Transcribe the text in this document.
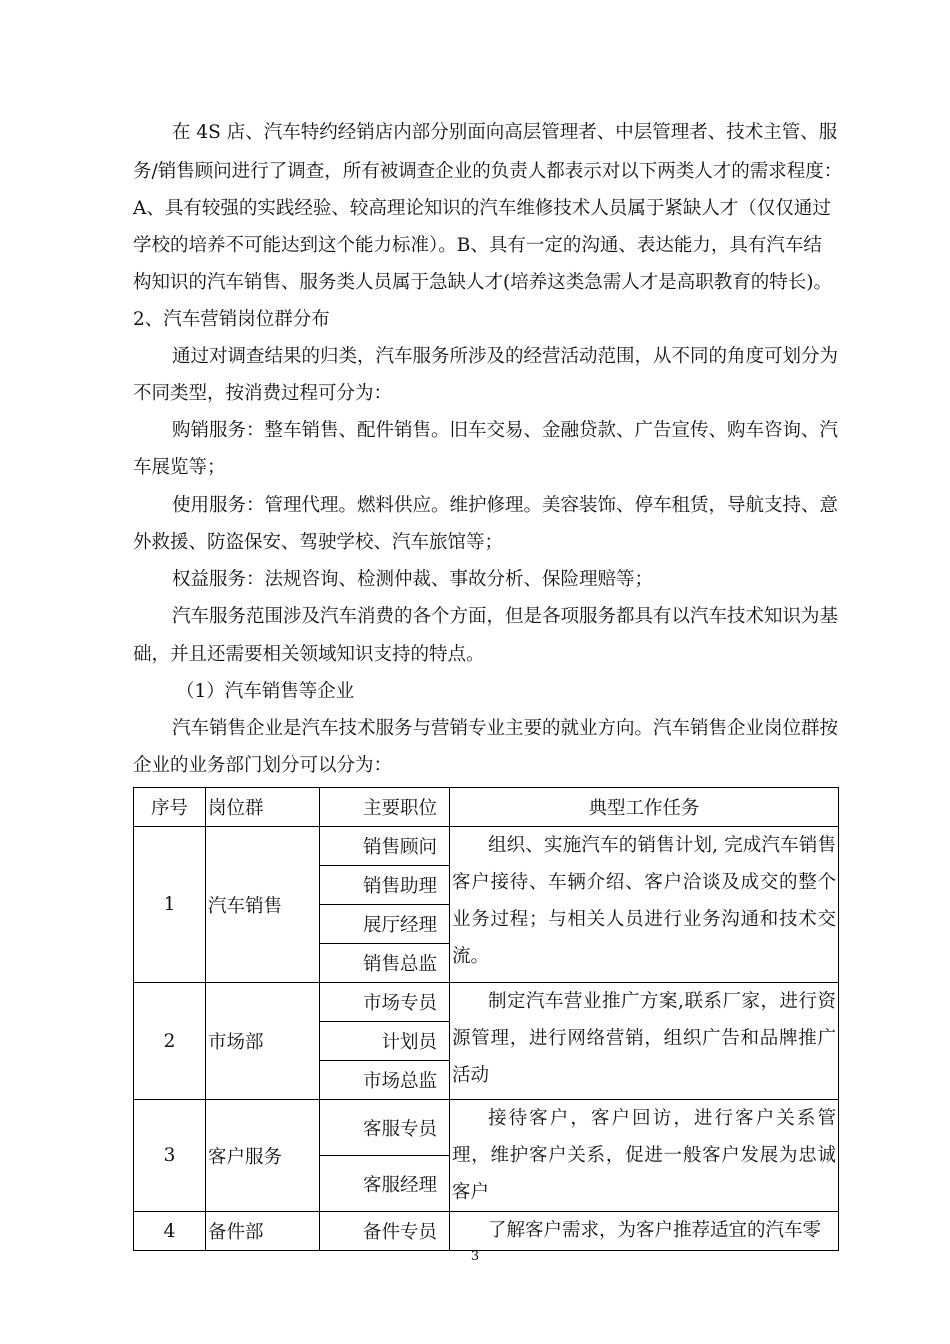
在 4S 店、汽车特约经销店内部分别面向高层管理者、中层管理者、技术主管、服
务/销售顾问进行了调查，所有被调查企业的负责人都表示对以下两类人才的需求程度：
A、具有较强的实践经验、较高理论知识的汽车维修技术人员属于紧缺人才（仅仅通过
学校的培养不可能达到这个能力标准）。B、具有一定的沟通、表达能力，具有汽车结
构知识的汽车销售、服务类人员属于急缺人才(培养这类急需人才是高职教育的特长)。
2、汽车营销岗位群分布
通过对调查结果的归类，汽车服务所涉及的经营活动范围，从不同的角度可划分为
不同类型，按消费过程可分为：
购销服务：整车销售、配件销售。旧车交易、金融贷款、广告宣传、购车咨询、汽
车展览等；
使用服务：管理代理。燃料供应。维护修理。美容装饰、停车租赁，导航支持、意
外救援、防盗保安、驾驶学校、汽车旅馆等；
权益服务：法规咨询、检测仲裁、事故分析、保险理赔等；
汽车服务范围涉及汽车消费的各个方面，但是各项服务都具有以汽车技术知识为基
础，并且还需要相关领域知识支持的特点。
（1）汽车销售等企业
汽车销售企业是汽车技术服务与营销专业主要的就业方向。汽车销售企业岗位群按
企业的业务部门划分可以分为：
序号	岗位群	主要职位	典型工作任务
1	汽车销售	销售顾问	组织、实施汽车的销售计划, 完成汽车销售客户接待、车辆介绍、客户洽谈及成交的整个业务过程；与相关人员进行业务沟通和技术交流。

		销售助理	
		展厅经理	
		销售总监	
2	市场部	市场专员	制定汽车营业推广方案,联系厂家，进行资源管理，进行网络营销，组织广告和品牌推广活动

		计划员	
		市场总监	
3	客户服务	客服专员	接待客户，客户回访，进行客户关系管理，维护客户关系，促进一般客户发展为忠诚客户

		客服经理	
4	备件部	备件专员	了解客户需求，为客户推荐适宜的汽车零
3
